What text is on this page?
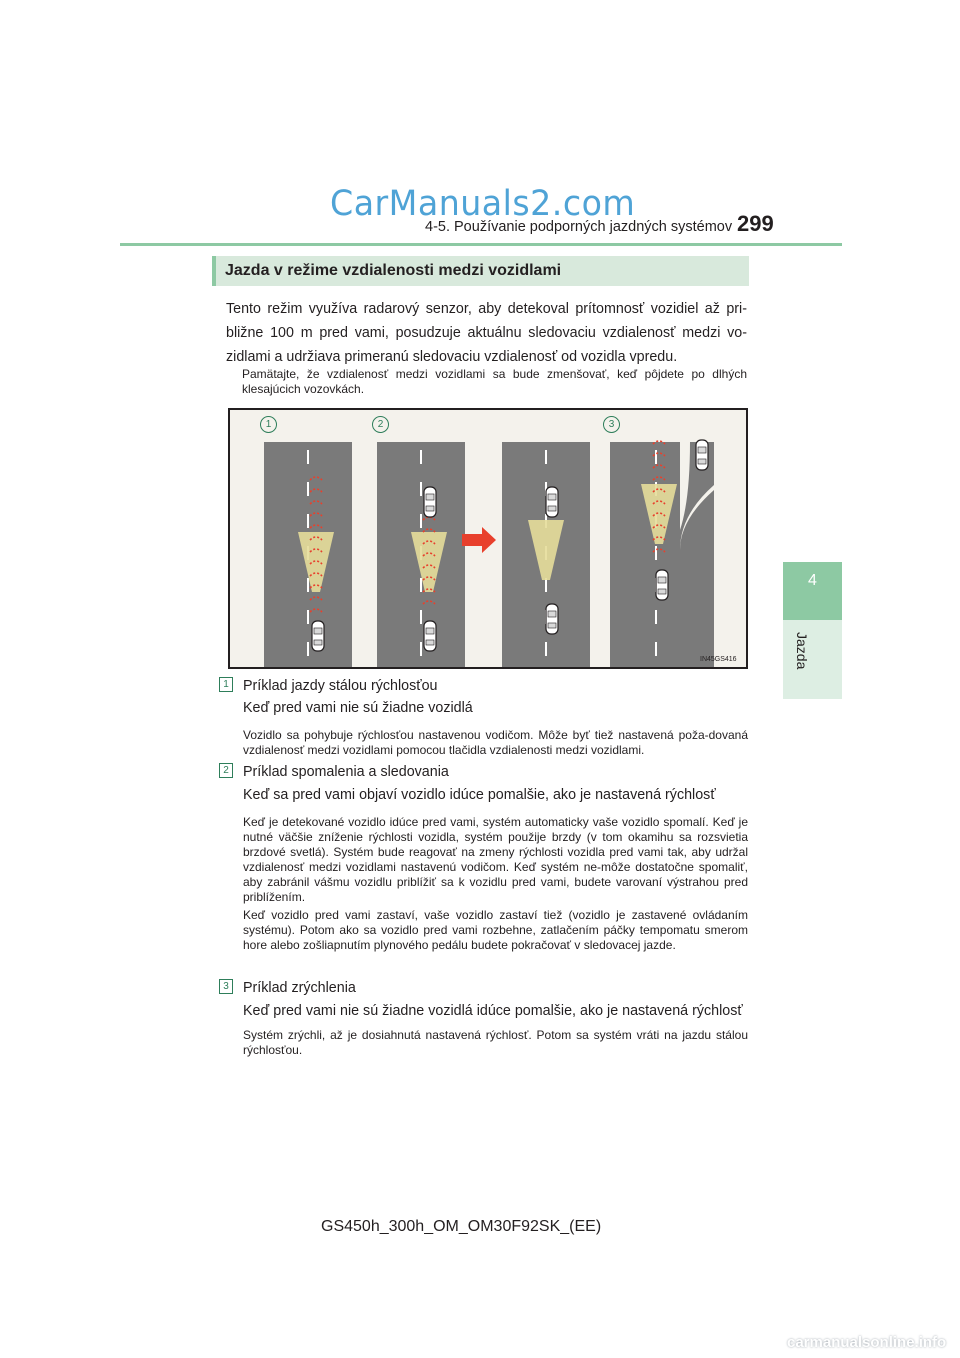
CarManuals2.com
4-5. Používanie podporných jazdných systémov 299
4
Jazda
Jazda v režime vzdialenosti medzi vozidlami
Tento režim využíva radarový senzor, aby detekoval prítomnosť vozidiel až pri-bližne 100 m pred vami, posudzuje aktuálnu sledovaciu vzdialenosť medzi vo-zidlami a udržiava primeranú sledovaciu vzdialenosť od vozidla vpredu.
Pamätajte, že vzdialenosť medzi vozidlami sa bude zmenšovať, keď pôjdete po dlhých klesajúcich vozovkách.
1	2	3
IN45GS416
1 Príklad jazdy stálou rýchlosťou
Keď pred vami nie sú žiadne vozidlá
Vozidlo sa pohybuje rýchlosťou nastavenou vodičom. Môže byť tiež nastavená poža-dovaná vzdialenosť medzi vozidlami pomocou tlačidla vzdialenosti medzi vozidlami.
2 Príklad spomalenia a sledovania
Keď sa pred vami objaví vozidlo idúce pomalšie, ako je nastavená rýchlosť
Keď je detekované vozidlo idúce pred vami, systém automaticky vaše vozidlo spomalí. Keď je nutné väčšie zníženie rýchlosti vozidla, systém použije brzdy (v tom okamihu sa rozsvietia brzdové svetlá). Systém bude reagovať na zmeny rýchlosti vozidla pred vami tak, aby udržal vzdialenosť medzi vozidlami nastavenú vodičom. Keď systém ne-môže dostatočne spomaliť, aby zabránil vášmu vozidlu priblížiť sa k vozidlu pred vami, budete varovaní výstrahou pred priblížením.
Keď vozidlo pred vami zastaví, vaše vozidlo zastaví tiež (vozidlo je zastavené ovládaním systému). Potom ako sa vozidlo pred vami rozbehne, zatlačením páčky tempomatu smerom hore alebo zošliapnutím plynového pedálu budete pokračovať v sledovacej jazde.
3 Príklad zrýchlenia
Keď pred vami nie sú žiadne vozidlá idúce pomalšie, ako je nastavená rýchlosť
Systém zrýchli, až je dosiahnutá nastavená rýchlosť. Potom sa systém vráti na jazdu stálou rýchlosťou.
GS450h_300h_OM_OM30F92SK_(EE)
carmanualsonline.info
